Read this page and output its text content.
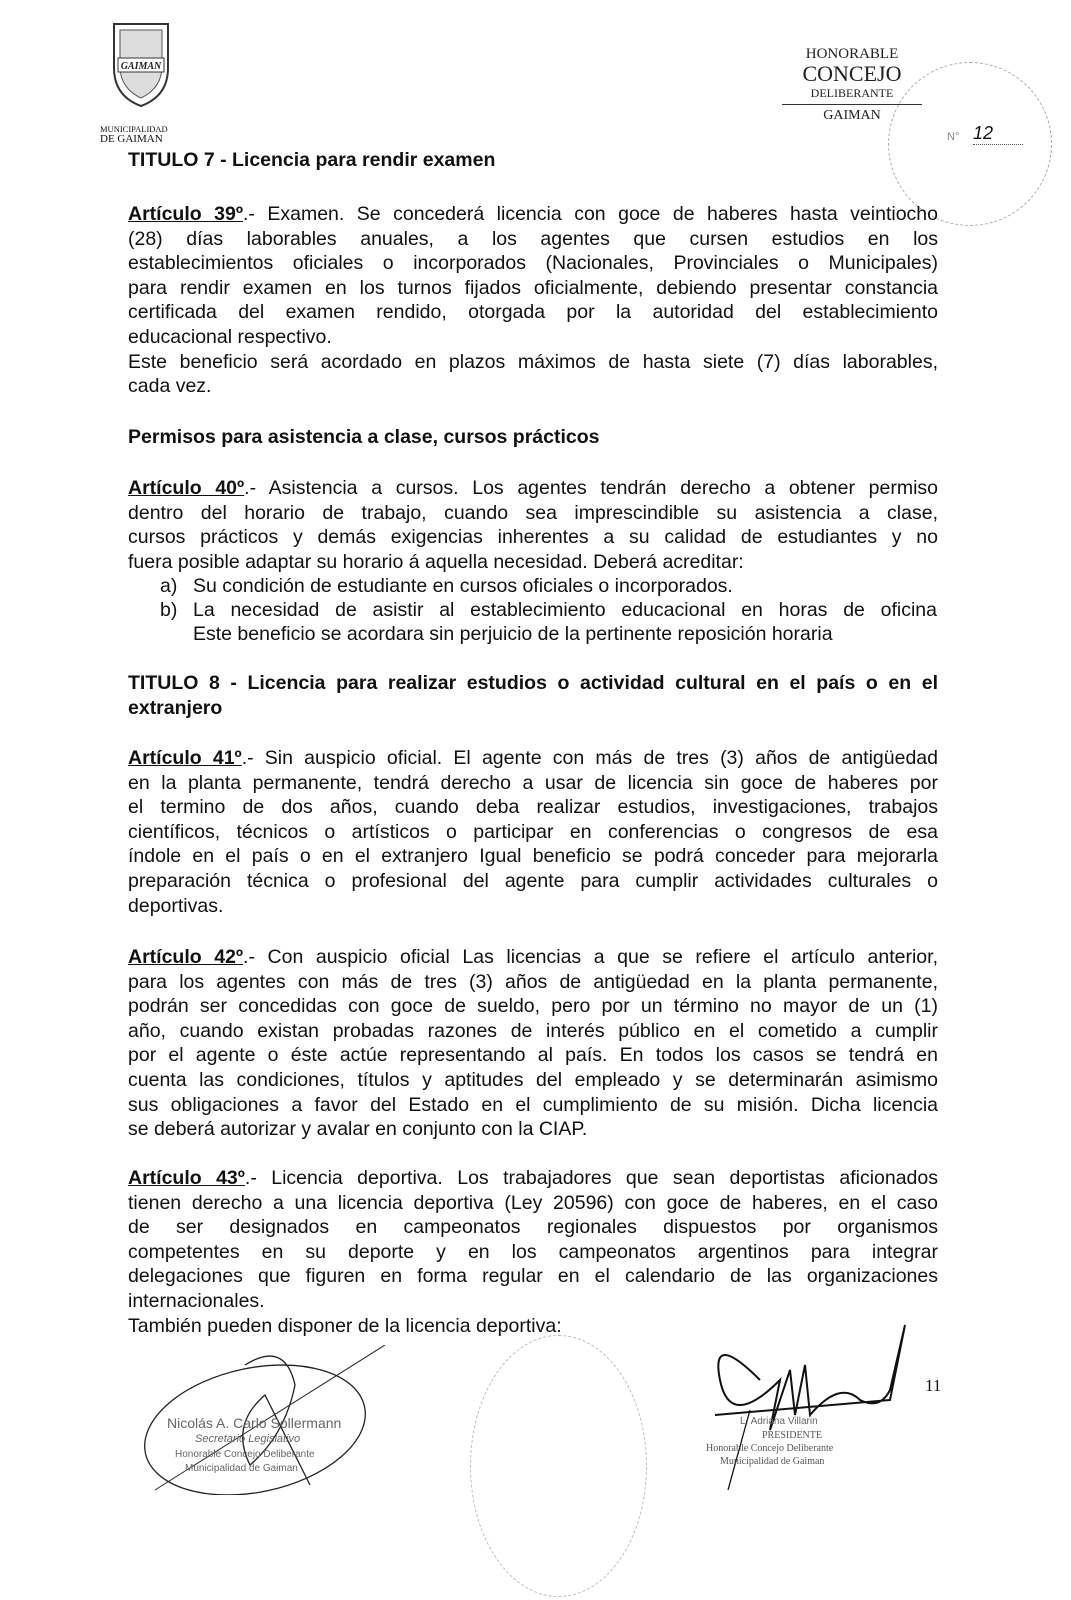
GAIMAN
MUNICIPALIDAD
DE GAIMAN
HONORABLE
CONCEJO
DELIBERANTE
GAIMAN
N° 12
TITULO 7 - Licencia para rendir examen
Artículo 39º.- Examen. Se concederá licencia con goce de haberes hasta veintiocho
(28) días laborables anuales, a los agentes que cursen estudios en los
establecimientos oficiales o incorporados (Nacionales, Provinciales o Municipales)
para rendir examen en los turnos fijados oficialmente, debiendo presentar constancia
certificada del examen rendido, otorgada por la autoridad del establecimiento
educacional respectivo.
Este beneficio será acordado en plazos máximos de hasta siete (7) días laborables,
cada vez.
Permisos para asistencia a clase, cursos prácticos
Artículo 40º.- Asistencia a cursos. Los agentes tendrán derecho a obtener permiso
dentro del horario de trabajo, cuando sea imprescindible su asistencia a clase,
cursos prácticos y demás exigencias inherentes a su calidad de estudiantes y no
fuera posible adaptar su horario á aquella necesidad. Deberá acreditar:
a) Su condición de estudiante en cursos oficiales o incorporados.
b) La necesidad de asistir al establecimiento educacional en horas de oficina
Este beneficio se acordara sin perjuicio de la pertinente reposición horaria
TITULO 8 - Licencia para realizar estudios o actividad cultural en el país o en el
extranjero
Artículo 41º.- Sin auspicio oficial. El agente con más de tres (3) años de antigüedad
en la planta permanente, tendrá derecho a usar de licencia sin goce de haberes por
el termino de dos años, cuando deba realizar estudios, investigaciones, trabajos
científicos, técnicos o artísticos o participar en conferencias o congresos de esa
índole en el país o en el extranjero Igual beneficio se podrá conceder para mejorarla
preparación técnica o profesional del agente para cumplir actividades culturales o
deportivas.
Artículo 42º.- Con auspicio oficial Las licencias a que se refiere el artículo anterior,
para los agentes con más de tres (3) años de antigüedad en la planta permanente,
podrán ser concedidas con goce de sueldo, pero por un término no mayor de un (1)
año, cuando existan probadas razones de interés público en el cometido a cumplir
por el agente o éste actúe representando al país. En todos los casos se tendrá en
cuenta las condiciones, títulos y aptitudes del empleado y se determinarán asimismo
sus obligaciones a favor del Estado en el cumplimiento de su misión. Dicha licencia
se deberá autorizar y avalar en conjunto con la CIAP.
Artículo 43º.- Licencia deportiva. Los trabajadores que sean deportistas aficionados
tienen derecho a una licencia deportiva (Ley 20596) con goce de haberes, en el caso
de ser designados en campeonatos regionales dispuestos por organismos
competentes en su deporte y en los campeonatos argentinos para integrar
delegaciones que figuren en forma regular en el calendario de las organizaciones
internacionales.
También pueden disponer de la licencia deportiva:
Nicolás A. Carlo Sollermann
Secretario Legislativo
Honorable Concejo Deliberante
Municipalidad de Gaiman
L. Adriana Villarin
PRESIDENTE
Honorable Concejo Deliberante
Municipalidad de Gaiman
11
